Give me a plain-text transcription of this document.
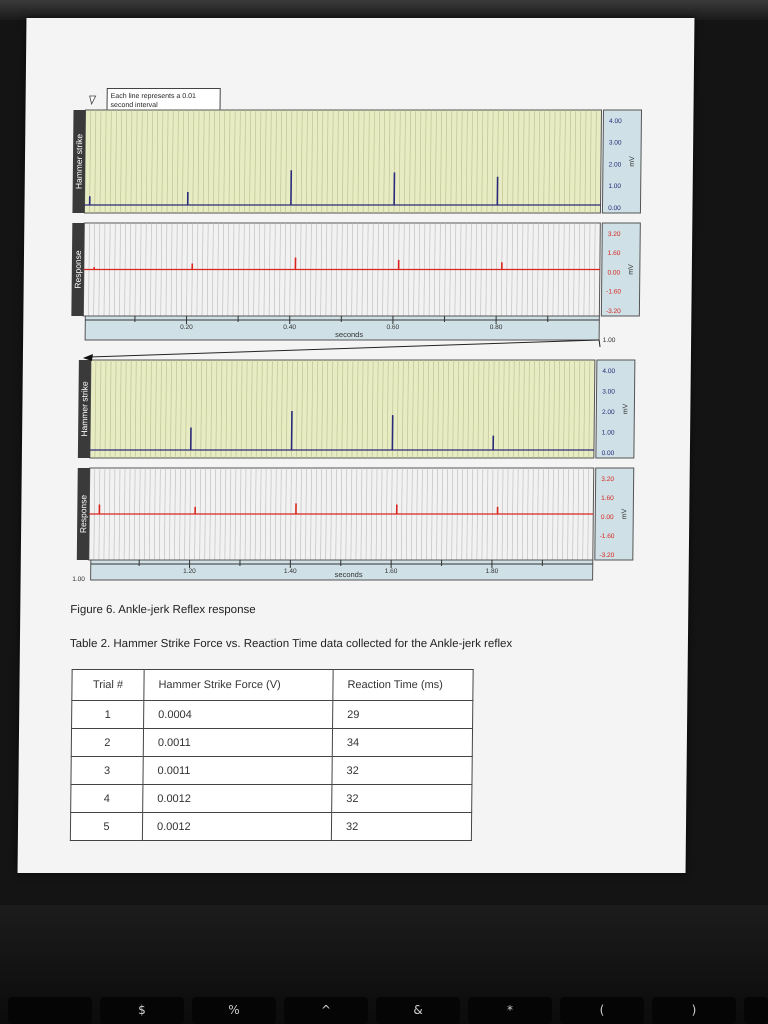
Each line represents a 0.01 second interval
Hammer strike
4.00
3.00
2.00
1.00
0.00
mV
Response
3.20
1.60
0.00
-1.60
-3.20
mV
0.20	0.40	0.60	0.80
1.00
seconds
Hammer strike
4.00
3.00
2.00
1.00
0.00
mV
Response
3.20
1.60
0.00
-1.60
-3.20
mV
1.00
1.20	1.40	1.60	1.80
seconds
Figure 6. Ankle-jerk Reflex response
Table 2. Hammer Strike Force vs. Reaction Time data collected for the Ankle-jerk reflex
Trial #	Hammer Strike Force (V)	Reaction Time (ms)
1	0.0004	29
2	0.0011	34
3	0.0011	32
4	0.0012	32
5	0.0012	32
$	%	^	&	*	(	)
